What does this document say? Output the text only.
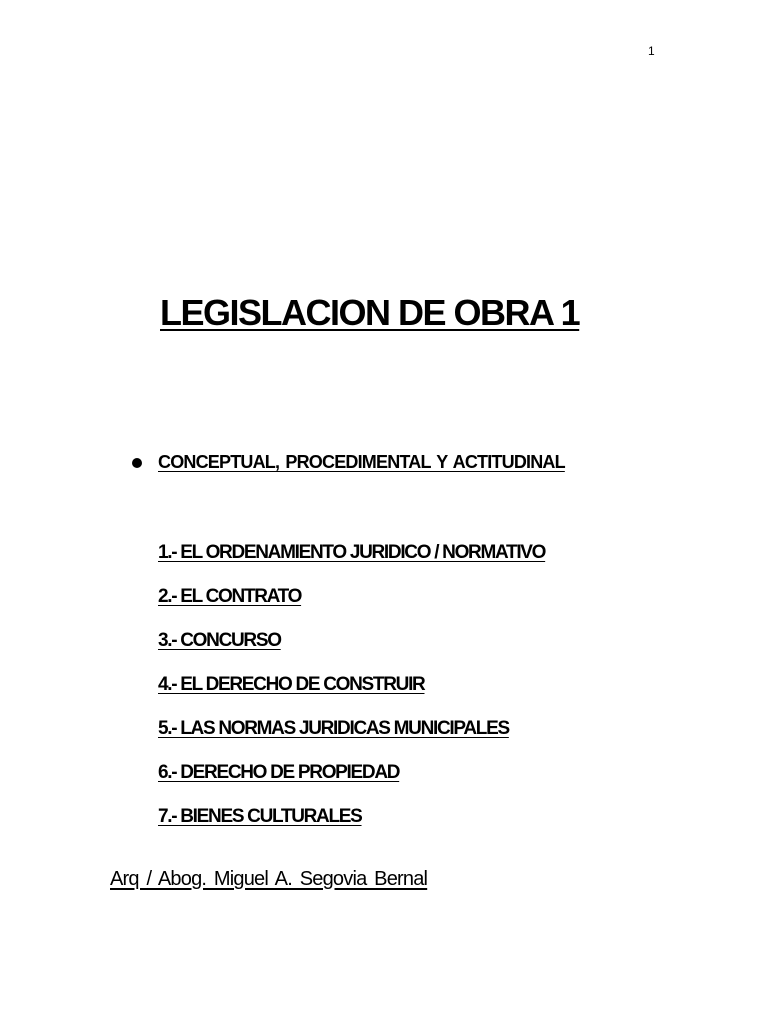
1
LEGISLACION DE OBRA 1
CONCEPTUAL, PROCEDIMENTAL Y ACTITUDINAL
1.- EL ORDENAMIENTO JURIDICO / NORMATIVO
2.- EL CONTRATO
3.- CONCURSO
4.- EL DERECHO DE CONSTRUIR
5.- LAS NORMAS JURIDICAS MUNICIPALES
6.- DERECHO DE PROPIEDAD
7.- BIENES CULTURALES
Arq / Abog. Miguel A. Segovia Bernal
